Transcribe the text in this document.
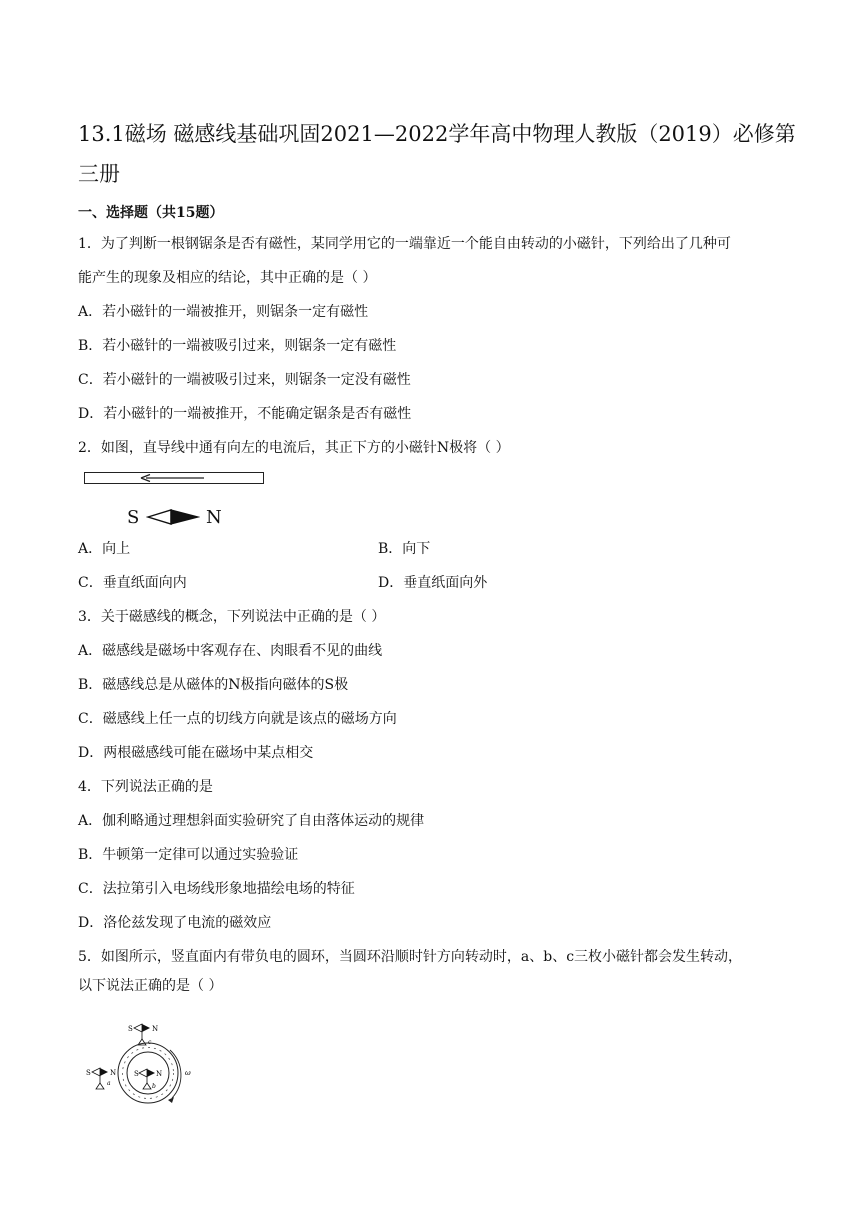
13.1磁场 磁感线基础巩固2021—2022学年高中物理人教版（2019）必修第三册
一、选择题（共15题）
1．为了判断一根钢锯条是否有磁性，某同学用它的一端靠近一个能自由转动的小磁针，下列给出了几种可
能产生的现象及相应的结论，其中正确的是（ ）
A．若小磁针的一端被推开，则锯条一定有磁性
B．若小磁针的一端被吸引过来，则锯条一定有磁性
C．若小磁针的一端被吸引过来，则锯条一定没有磁性
D．若小磁针的一端被推开，不能确定锯条是否有磁性
2．如图，直导线中通有向左的电流后，其正下方的小磁针N极将（ ）
S	N
A．向上	B．向下
C．垂直纸面向内	D．垂直纸面向外
3．关于磁感线的概念，下列说法中正确的是（ ）
A．磁感线是磁场中客观存在、肉眼看不见的曲线
B．磁感线总是从磁体的N极指向磁体的S极
C．磁感线上任一点的切线方向就是该点的磁场方向
D．两根磁感线可能在磁场中某点相交
4．下列说法正确的是
A．伽利略通过理想斜面实验研究了自由落体运动的规律
B．牛顿第一定律可以通过实验验证
C．法拉第引入电场线形象地描绘电场的特征
D．洛伦兹发现了电流的磁效应
5．如图所示，竖直面内有带负电的圆环，当圆环沿顺时针方向转动时，a、b、c三枚小磁针都会发生转动，
以下说法正确的是（ ）
S	N
c
ω
S N
b
S	N
a
